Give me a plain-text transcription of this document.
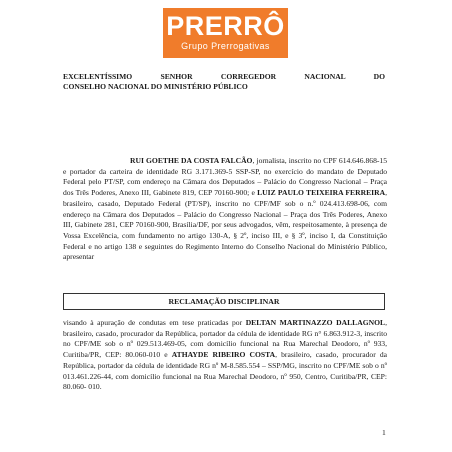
PRERRÔ
Grupo Prerrogativas
EXCELENTÍSSIMO SENHOR CORREGEDOR NACIONAL DO
CONSELHO NACIONAL DO MINISTÉRIO PÚBLICO
RUI GOETHE DA COSTA FALCÃO, jornalista, inscrito no CPF 614.646.868-15 e portador da carteira de identidade RG 3.171.369-5 SSP-SP, no exercício do mandato de Deputado Federal pelo PT/SP, com endereço na Câmara dos Deputados – Palácio do Congresso Nacional – Praça dos Três Poderes, Anexo III, Gabinete 819, CEP 70160-900; e LUIZ PAULO TEIXEIRA FERREIRA, brasileiro, casado, Deputado Federal (PT/SP), inscrito no CPF/MF sob o n.º 024.413.698-06, com endereço na Câmara dos Deputados – Palácio do Congresso Nacional – Praça dos Três Poderes, Anexo III, Gabinete 281, CEP 70160-900, Brasília/DF, por seus advogados, vêm, respeitosamente, à presença de Vossa Excelência, com fundamento no artigo 130-A, § 2º, inciso III, e § 3º, inciso I, da Constituição Federal e no artigo 138 e seguintes do Regimento Interno do Conselho Nacional do Ministério Público, apresentar
RECLAMAÇÃO DISCIPLINAR
visando à apuração de condutas em tese praticadas por DELTAN MARTINAZZO DALLAGNOL, brasileiro, casado, procurador da República, portador da cédula de identidade RG n° 6.863.912-3, inscrito no CPF/ME sob o nº 029.513.469-05, com domicílio funcional na Rua Marechal Deodoro, nº 933, Curitiba/PR, CEP: 80.060-010 e ATHAYDE RIBEIRO COSTA, brasileiro, casado, procurador da República, portador da cédula de identidade RG nº M-8.585.554 – SSP/MG, inscrito no CPF/ME sob o nº 013.461.226-44, com domicílio funcional na Rua Marechal Deodoro, nº 950, Centro, Curitiba/PR, CEP: 80.060- 010.
1
